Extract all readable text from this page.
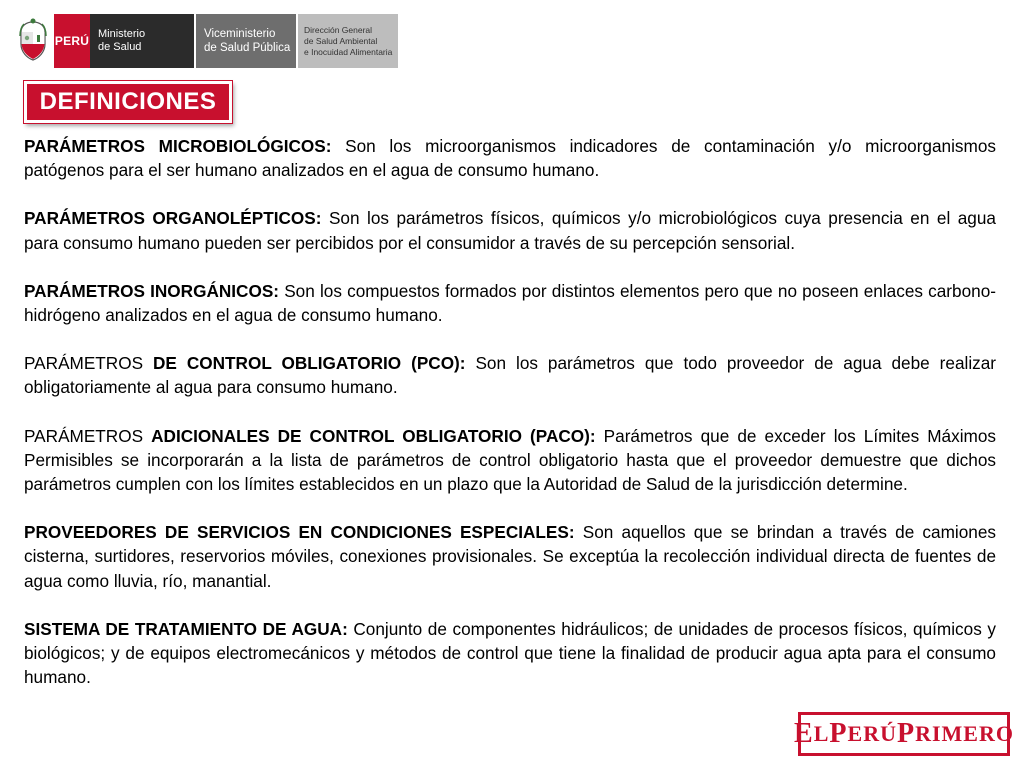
PERÚ Ministerio
de Salud
Viceministerio
de Salud Pública
Dirección General
de Salud Ambiental
e Inocuidad Alimentaria
DEFINICIONES

PARÁMETROS MICROBIOLÓGICOS: Son los microorganismos indicadores de contaminación y/o microorganismos patógenos para el ser humano analizados en el agua de consumo humano.

PARÁMETROS ORGANOLÉPTICOS: Son los parámetros físicos, químicos y/o microbiológicos cuya presencia en el agua para consumo humano pueden ser percibidos por el consumidor a través de su percepción sensorial.

PARÁMETROS INORGÁNICOS: Son los compuestos formados por distintos elementos pero que no poseen enlaces carbono-hidrógeno analizados en el agua de consumo humano.

PARÁMETROS DE CONTROL OBLIGATORIO (PCO): Son los parámetros que todo proveedor de agua debe realizar obligatoriamente al agua para consumo humano.

PARÁMETROS ADICIONALES DE CONTROL OBLIGATORIO (PACO): Parámetros que de exceder los Límites Máximos Permisibles se incorporarán a la lista de parámetros de control obligatorio hasta que el proveedor demuestre que dichos parámetros cumplen con los límites establecidos en un plazo que la Autoridad de Salud de la jurisdicción determine.

PROVEEDORES DE SERVICIOS EN CONDICIONES ESPECIALES: Son aquellos que se brindan a través de camiones cisterna, surtidores, reservorios móviles, conexiones provisionales. Se exceptúa la recolección individual directa de fuentes de agua como lluvia, río, manantial.

SISTEMA DE TRATAMIENTO DE AGUA: Conjunto de componentes hidráulicos; de unidades de procesos físicos, químicos y biológicos; y de equipos electromecánicos y métodos de control que tiene la finalidad de producir agua apta para el consumo humano.

E L P ERÚ P RIMERO
